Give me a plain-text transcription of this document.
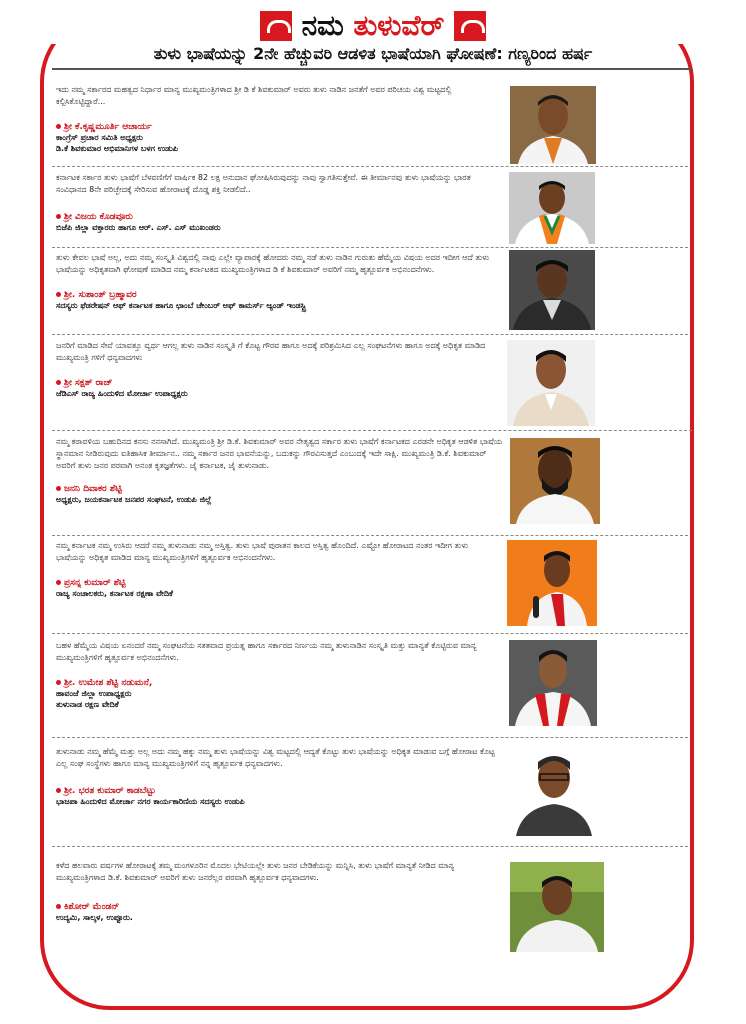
ನಮ ತುಳುವೆರ್
ತುಳು ಭಾಷೆಯನ್ನು 2ನೇ ಹೆಚ್ಚುವರಿ ಆಡಳಿತ ಭಾಷೆಯಾಗಿ ಘೋಷಣೆ: ಗಣ್ಯರಿಂದ ಹರ್ಷ
ಇದು ನಮ್ಮ ಸರ್ಕಾರದ ಮಹತ್ವದ ನಿರ್ಧಾರ ಮಾನ್ಯ ಮುಖ್ಯಮಂತ್ರಿಗಳಾದ ಶ್ರೀ ಡಿ ಕೆ ಶಿವಕುಮಾರ್ ಅವರು ತುಳು ನಾಡಿನ ಜನತೆಗೆ ಅವರ ಪರಿಚಯ ವಿಶ್ವ ಮಟ್ಟದಲ್ಲಿ ಕಲ್ಪಿಸಿಕೊಟ್ಟಿದ್ದಾರೆ...
ಶ್ರೀ ಕೆ.ಕೃಷ್ಣಮೂರ್ತಿ ಆಚಾರ್ಯ
ಕಾಂಗ್ರೆಸ್ ಪ್ರಚಾರ ಸಮಿತಿ ಅಧ್ಯಕ್ಷರು
ಡಿ.ಕೆ ಶಿವಕುಮಾರ ಅಭಿಮಾನಿಗಳ ಬಳಗ ಉಡುಪಿ
ಕರ್ನಾಟಕ ಸರ್ಕಾರ ತುಳು ಭಾಷೆಗೆ ಬೆಳವಣಿಗೆಗೆ ವಾರ್ಷಿಕ 82 ಲಕ್ಷ ಅನುದಾನ ಘೋಷಿಸಿರುವುದನ್ನು ನಾವು ಸ್ವಾಗತಿಸುತ್ತೇವೆ. ಈ ತೀರ್ಮಾನವು ತುಳು ಭಾಷೆಯನ್ನು ಭಾರತ ಸಂವಿಧಾನದ 8ನೇ ಪರಿಚ್ಛೇದಕ್ಕೆ ಸೇರಿಸುವ ಹೋರಾಟಕ್ಕೆ ದೊಡ್ಡ ಶಕ್ತಿ ನೀಡಲಿದೆ..
ಶ್ರೀ ವಿಜಯ ಕೊಡವೂರು
ಬಿಜೆಪಿ ಜಿಲ್ಲಾ ವಕ್ತಾರರು ಹಾಗೂ ಆರ್. ಎಸ್. ಎಸ್ ಮುಖಂಡರು
ತುಳು ಕೇವಲ ಭಾಷೆ ಅಲ್ಲ, ಅದು ನಮ್ಮ ಸಂಸ್ಕೃತಿ ವಿಶ್ವದಲ್ಲಿ ನಾವು ಎಲ್ಲೇ ವ್ಯಾಪಾರಕ್ಕೆ ಹೋದರು ನಮ್ಮ ನಡೆ ತುಳು ನಾಡಿನ ಗುರುತು ಹೆಮ್ಮೆಯ ವಿಷಯ ಅದರ ಇದೀಗ ಆದೆ ತುಳು ಭಾಷೆಯನ್ನು ಅಧಿಕೃತವಾಗಿ ಘೋಷಣೆ ಮಾಡಿದ ನಮ್ಮ ಕರ್ನಾಟಕದ ಮುಖ್ಯಮಂತ್ರಿಗಳಾದ ಡಿ ಕೆ ಶಿವಕುಮಾರ್ ಅವರಿಗೆ ನಮ್ಮ ಹೃತ್ಪೂರ್ವಕ ಅಭಿನಂದನೆಗಳು.
ಶ್ರೀ. ಸುಶಾಂತ್ ಬ್ರಹ್ಮಾವರ
ಸದಸ್ಯರು ಫೆಡರೇಷನ್ ಆಫ್ ಕರ್ನಾಟಕ ಹಾಗೂ ಛಾಂಬೆ ಚೇಂಬರ್ ಆಫ್ ಕಾಮರ್ಸ್ ಆ್ಯಂಡ್ ಇಂಡಸ್ಟ್ರಿ
ಜನರಿಗೆ ಮಾಡಿದ ಸೇವೆ ಯಾವತ್ತೂ ವ್ಯರ್ಥ ಆಗಲ್ಲ ತುಳು ನಾಡಿನ ಸಂಸ್ಕೃತಿ ಗೆ ಕೊಟ್ಟ ಗೌರವ ಹಾಗೂ ಅದಕ್ಕೆ ಪರಿಶ್ರಮಿಸಿದ ಎಲ್ಲ ಸಂಘಟನೆಗಳು ಹಾಗೂ ಅದಕ್ಕೆ ಅಧಿಕೃತ ಮಾಡಿದ ಮುಖ್ಯಮಂತ್ರಿ ಗಳಿಗೆ ಧನ್ಯವಾದಗಳು
ಶ್ರೀ ಸಕ್ಷತ್ ರಾಜ್
ಜೆಡಿಎಸ್ ರಾಜ್ಯ ಹಿಂದುಳಿದ ಮೋರ್ಚಾ ಉಪಾಧ್ಯಕ್ಷರು
ನಮ್ಮ ಕರಾವಳಿಯ ಬಹುದಿನದ ಕನಸು ನನಸಾಗಿದೆ. ಮುಖ್ಯಮಂತ್ರಿ ಶ್ರೀ ಡಿ.ಕೆ. ಶಿವಕುಮಾರ್ ಅವರ ನೇತೃತ್ವದ ಸರ್ಕಾರ ತುಳು ಭಾಷೆಗೆ ಕರ್ನಾಟಕದ ಎರಡನೇ ಅಧಿಕೃತ ಆಡಳಿತ ಭಾಷೆಯ ಸ್ಥಾನಮಾನ ನೀಡಿರುವುದು ಐತಿಹಾಸಿಕ ತೀರ್ಮಾನ.. ನಮ್ಮ ಸರ್ಕಾರ ಜನರ ಭಾವನೆಯನ್ನು, ಬದುಕನ್ನು ಗೌರವಿಸುತ್ತದೆ ಎಂಬುದಕ್ಕೆ ಇದೇ ಸಾಕ್ಷಿ. ಮುಖ್ಯಮಂತ್ರಿ ಡಿ.ಕೆ. ಶಿವಕುಮಾರ್ ಅವರಿಗೆ ತುಳು ಜನರ ಪರವಾಗಿ ಅನಂತ ಕೃತಜ್ಞತೆಗಳು. ಜೈ ಕರ್ನಾಟಕ, ಜೈ ತುಳುನಾಡು.
ಜನನಿ ದಿವಾಕರ ಶೆಟ್ಟಿ
ಅಧ್ಯಕ್ಷರು, ಜಯಕರ್ನಾಟಕ ಜನಪರ ಸಂಘಟನೆ, ಉಡುಪಿ ಜಿಲ್ಲೆ
ನಮ್ಮ ಕರ್ನಾಟಕ ನಮ್ಮ ಉಸಿರು ಆದರೆ ನಮ್ಮ ತುಳುನಾಡು ನಮ್ಮ ಅಸ್ತಿತ್ವ. ತುಳು ಭಾಷೆ ಪುರಾತನ ಕಾಲದ ಅಸ್ತಿತ್ವ ಹೊಂದಿದೆ. ಎಷ್ಟೋ ಹೋರಾಟದ ನಂತರ ಇದೀಗ ತುಳು ಭಾಷೆಯನ್ನು ಅಧಿಕೃತ ಮಾಡಿದ ಮಾನ್ಯ ಮುಖ್ಯಮಂತ್ರಿಗಳಿಗೆ ಹೃತ್ಪೂರ್ವಕ ಅಭಿನಂದನೆಗಳು.
ಪ್ರಸನ್ನ ಕುಮಾರ್ ಶೆಟ್ಟಿ
ರಾಜ್ಯ ಸಂಚಾಲಕರು, ಕರ್ನಾಟಕ ರಕ್ಷಣಾ ವೇದಿಕೆ
ಬಹಳ ಹೆಮ್ಮೆಯ ವಿಷಯ ಏನಂದರೆ ನಮ್ಮ ಸಂಘಟನೆಯ ಸತತವಾದ ಪ್ರಯತ್ನ ಹಾಗೂ ಸರ್ಕಾರದ ನಿರ್ಣಯ ನಮ್ಮ ತುಳುನಾಡಿನ ಸಂಸ್ಕೃತಿ ಮತ್ತು ಮಾನ್ಯತೆ ಕೊಟ್ಟಿರುವ ಮಾನ್ಯ ಮುಖ್ಯಮಂತ್ರಿಗಳಿಗೆ ಹೃತ್ಪೂರ್ವಕ ಅಭಿನಂದನೆಗಳು.
ಶ್ರೀ. ಉಮೇಶ ಶೆಟ್ಟಿ ನಡುಮನೆ,
ಹಾವಂಜೆ ಜಿಲ್ಲಾ ಉಪಾಧ್ಯಕ್ಷರು
ತುಳುನಾಡ ರಕ್ಷಣ ವೇದಿಕೆ
ತುಳುನಾಡು ನಮ್ಮ ಹೆಮ್ಮೆ ಮತ್ತು ಅಲ್ಲ ಅದು ನಮ್ಮ ಹಕ್ಕು ನಮ್ಮ ತುಳು ಭಾಷೆಯನ್ನು ವಿಶ್ವ ಮಟ್ಟದಲ್ಲಿ ಆದ್ಯತೆ ಕೊಟ್ಟು ತುಳು ಭಾಷೆಯನ್ನು ಅಧಿಕೃತ ಮಾಡುವ ಬಗ್ಗೆ ಹೋರಾಟ ಕೊಟ್ಟ ಎಲ್ಲ ಸಂಘ ಸಂಸ್ಥೆಗಳು ಹಾಗೂ ಮಾನ್ಯ ಮುಖ್ಯಮಂತ್ರಿಗಳಿಗೆ ನನ್ನ ಹೃತ್ಪೂರ್ವಕ ಧನ್ಯವಾದಗಳು.
ಶ್ರೀ. ಭರತ ಕುಮಾರ್ ಕಾಡಬೆಟ್ಟು
ಭಾಜಪಾ ಹಿಂದುಳಿದ ಮೋರ್ಚಾ ನಗರ ಕಾರ್ಯಕಾರಿಣಿಯ ಸದಸ್ಯರು ಉಡುಪಿ
ಕಳೆದ ಹಲವಾರು ವರ್ಷಗಳ ಹೋರಾಟಕ್ಕೆ ತಮ್ಮ ಮಂಗಳೂರಿನ ಮೊದಲ ಭೇಟಿಯಲ್ಲೇ ತುಳು ಜನರ ಬೇಡಿಕೆಯನ್ನು ಮನ್ನಿಸಿ, ತುಳು ಭಾಷೆಗೆ ಮಾನ್ಯತೆ ನೀಡಿದ ಮಾನ್ಯ ಮುಖ್ಯಮಂತ್ರಿಗಳಾದ ಡಿ.ಕೆ. ಶಿವಕುಮಾರ್ ಅವರಿಗೆ ತುಳು ಜನರೆಲ್ಲರ ಪರವಾಗಿ ಹೃತ್ಪೂರ್ವಕ ಧನ್ಯವಾದಗಳು.
ಕಿಶೋರ್ ಮೆಂಡನ್
ಉದ್ಯಮಿ, ಸಾಲ್ಕಳ, ಉಪ್ಪೂರು.
